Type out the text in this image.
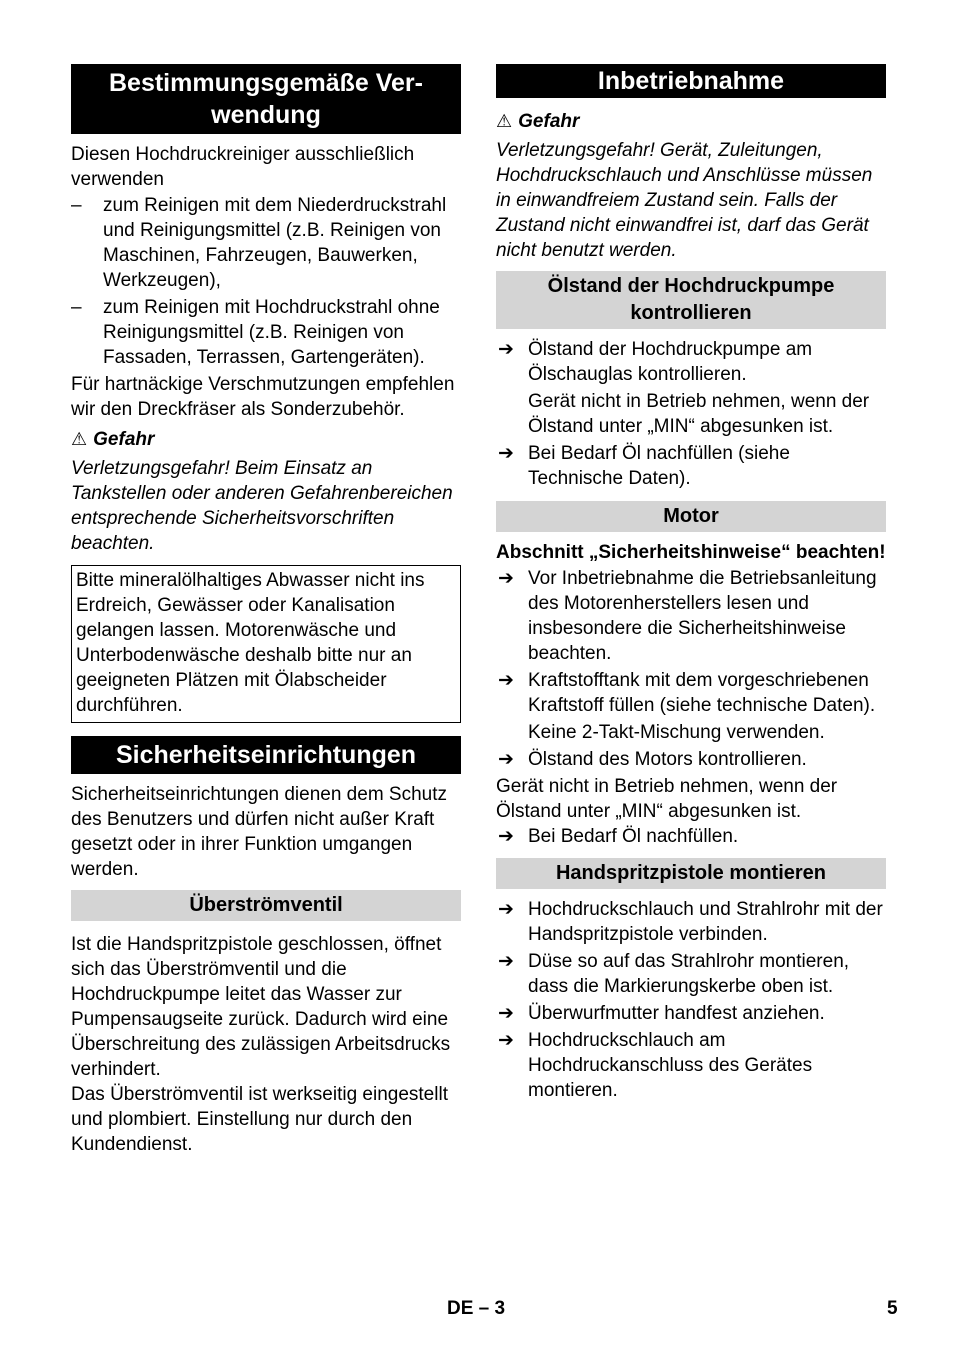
Bestimmungsgemäße Ver-
wendung

Diesen Hochdruckreiniger ausschließlich verwenden

– zum Reinigen mit dem Niederdruckstrahl und Reinigungsmittel (z.B. Reinigen von Maschinen, Fahrzeugen, Bauwerken, Werkzeugen),

– zum Reinigen mit Hochdruckstrahl ohne Reinigungsmittel (z.B. Reinigen von Fassaden, Terrassen, Gartengeräten).

Für hartnäckige Verschmutzungen empfehlen wir den Dreckfräser als Sonderzubehör.

⚠ Gefahr

Verletzungsgefahr! Beim Einsatz an Tankstellen oder anderen Gefahrenbereichen entsprechende Sicherheitsvorschriften beachten.

Bitte mineralölhaltiges Abwasser nicht ins Erdreich, Gewässer oder Kanalisation gelangen lassen. Motorenwäsche und Unterbodenwäsche deshalb bitte nur an geeigneten Plätzen mit Ölabscheider durchführen.

Sicherheitseinrichtungen

Sicherheitseinrichtungen dienen dem Schutz des Benutzers und dürfen nicht außer Kraft gesetzt oder in ihrer Funktion umgangen werden.

Überströmventil

Ist die Handspritzpistole geschlossen, öffnet sich das Überströmventil und die Hochdruckpumpe leitet das Wasser zur Pumpensaugseite zurück. Dadurch wird eine Überschreitung des zulässigen Arbeitsdrucks verhindert.

Das Überströmventil ist werkseitig eingestellt und plombiert. Einstellung nur durch den Kundendienst.

Inbetriebnahme

⚠ Gefahr

Verletzungsgefahr! Gerät, Zuleitungen, Hochdruckschlauch und Anschlüsse müssen in einwandfreiem Zustand sein. Falls der Zustand nicht einwandfrei ist, darf das Gerät nicht benutzt werden.

Ölstand der Hochdruckpumpe kontrollieren

➔ Ölstand der Hochdruckpumpe am Ölschauglas kontrollieren.

Gerät nicht in Betrieb nehmen, wenn der Ölstand unter „MIN“ abgesunken ist.

➔ Bei Bedarf Öl nachfüllen (siehe Technische Daten).

Motor

Abschnitt „Sicherheitshinweise“ beachten!

➔ Vor Inbetriebnahme die Betriebsanleitung des Motorenherstellers lesen und insbesondere die Sicherheitshinweise beachten.

➔ Kraftstofftank mit dem vorgeschriebenen Kraftstoff füllen (siehe technische Daten).

Keine 2-Takt-Mischung verwenden.

➔ Ölstand des Motors kontrollieren.

Gerät nicht in Betrieb nehmen, wenn der Ölstand unter „MIN“ abgesunken ist.

➔ Bei Bedarf Öl nachfüllen.

Handspritzpistole montieren

➔ Hochdruckschlauch und Strahlrohr mit der Handspritzpistole verbinden.

➔ Düse so auf das Strahlrohr montieren, dass die Markierungskerbe oben ist.

➔ Überwurfmutter handfest anziehen.

➔ Hochdruckschlauch am Hochdruckanschluss des Gerätes montieren.

DE – 3	5
